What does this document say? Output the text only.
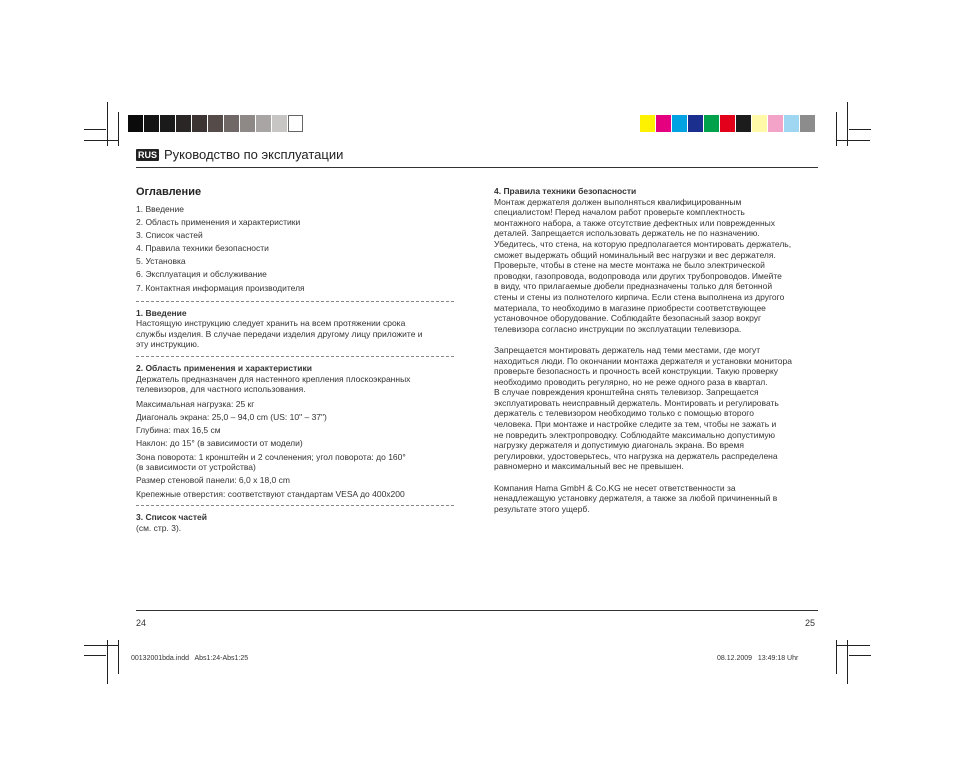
RUS Руководство по эксплуатации
Оглавление
1. Введение
2. Область применения и характеристики
3. Список частей
4. Правила техники безопасности
5. Установка
6. Эксплуатация и обслуживание
7. Контактная информация производителя
1. Введение
Настоящую инструкцию следует хранить на всем протяжении срока
службы изделия. В случае передачи изделия другому лицу приложите и
эту инструкцию.
2. Область применения и характеристики
Держатель предназначен для настенного крепления плоскоэкранных
телевизоров, для частного использования.
Максимальная нагрузка: 25 кг
Диагональ экрана: 25,0 – 94,0 cm (US: 10" – 37")
Глубина: max 16,5 см
Наклон: до 15° (в зависимости от модели)
Зона поворота: 1 кронштейн и 2 сочленения; угол поворота: до 160°
(в зависимости от устройства)
Размер стеновой панели: 6,0 x 18,0 cm
Крепежные отверстия: соответствуют стандартам VESA до 400x200
3. Список частей
(см. стр. 3).
4. Правила техники безопасности
Монтаж держателя должен выполняться квалифицированным
специалистом! Перед началом работ проверьте комплектность
монтажного набора, а также отсутствие дефектных или поврежденных
деталей. Запрещается использовать держатель не по назначению.
Убедитесь, что стена, на которую предполагается монтировать держатель,
сможет выдержать общий номинальный вес нагрузки и вес держателя.
Проверьте, чтобы в стене на месте монтажа не было электрической
проводки, газопровода, водопровода или других трубопроводов. Имейте
в виду, что прилагаемые дюбели предназначены только для бетонной
стены и стены из полнотелого кирпича. Если стена выполнена из другого
материала, то необходимо в магазине приобрести соответствующее
установочное оборудование. Соблюдайте безопасный зазор вокруг
телевизора согласно инструкции по эксплуатации телевизора.
Запрещается монтировать держатель над теми местами, где могут
находиться люди. По окончании монтажа держателя и установки монитора
проверьте безопасность и прочность всей конструкции. Такую проверку
необходимо проводить регулярно, но не реже одного раза в квартал.
В случае повреждения кронштейна снять телевизор. Запрещается
эксплуатировать неисправный держатель. Монтировать и регулировать
держатель с телевизором необходимо только с помощью второго
человека. При монтаже и настройке следите за тем, чтобы не зажать и
не повредить электропроводку. Соблюдайте максимально допустимую
нагрузку держателя и допустимую диагональ экрана. Во время
регулировки, удостоверьтесь, что нагрузка на держатель распределена
равномерно и максимальный вес не превышен.
Компания Hama GmbH & Co.KG не несет ответственности за
ненадлежащую установку держателя, а также за любой причиненный в
результате этого ущерб.
24	25
00132001bda.indd   Abs1:24-Abs1:25	08.12.2009   13:49:18 Uhr
